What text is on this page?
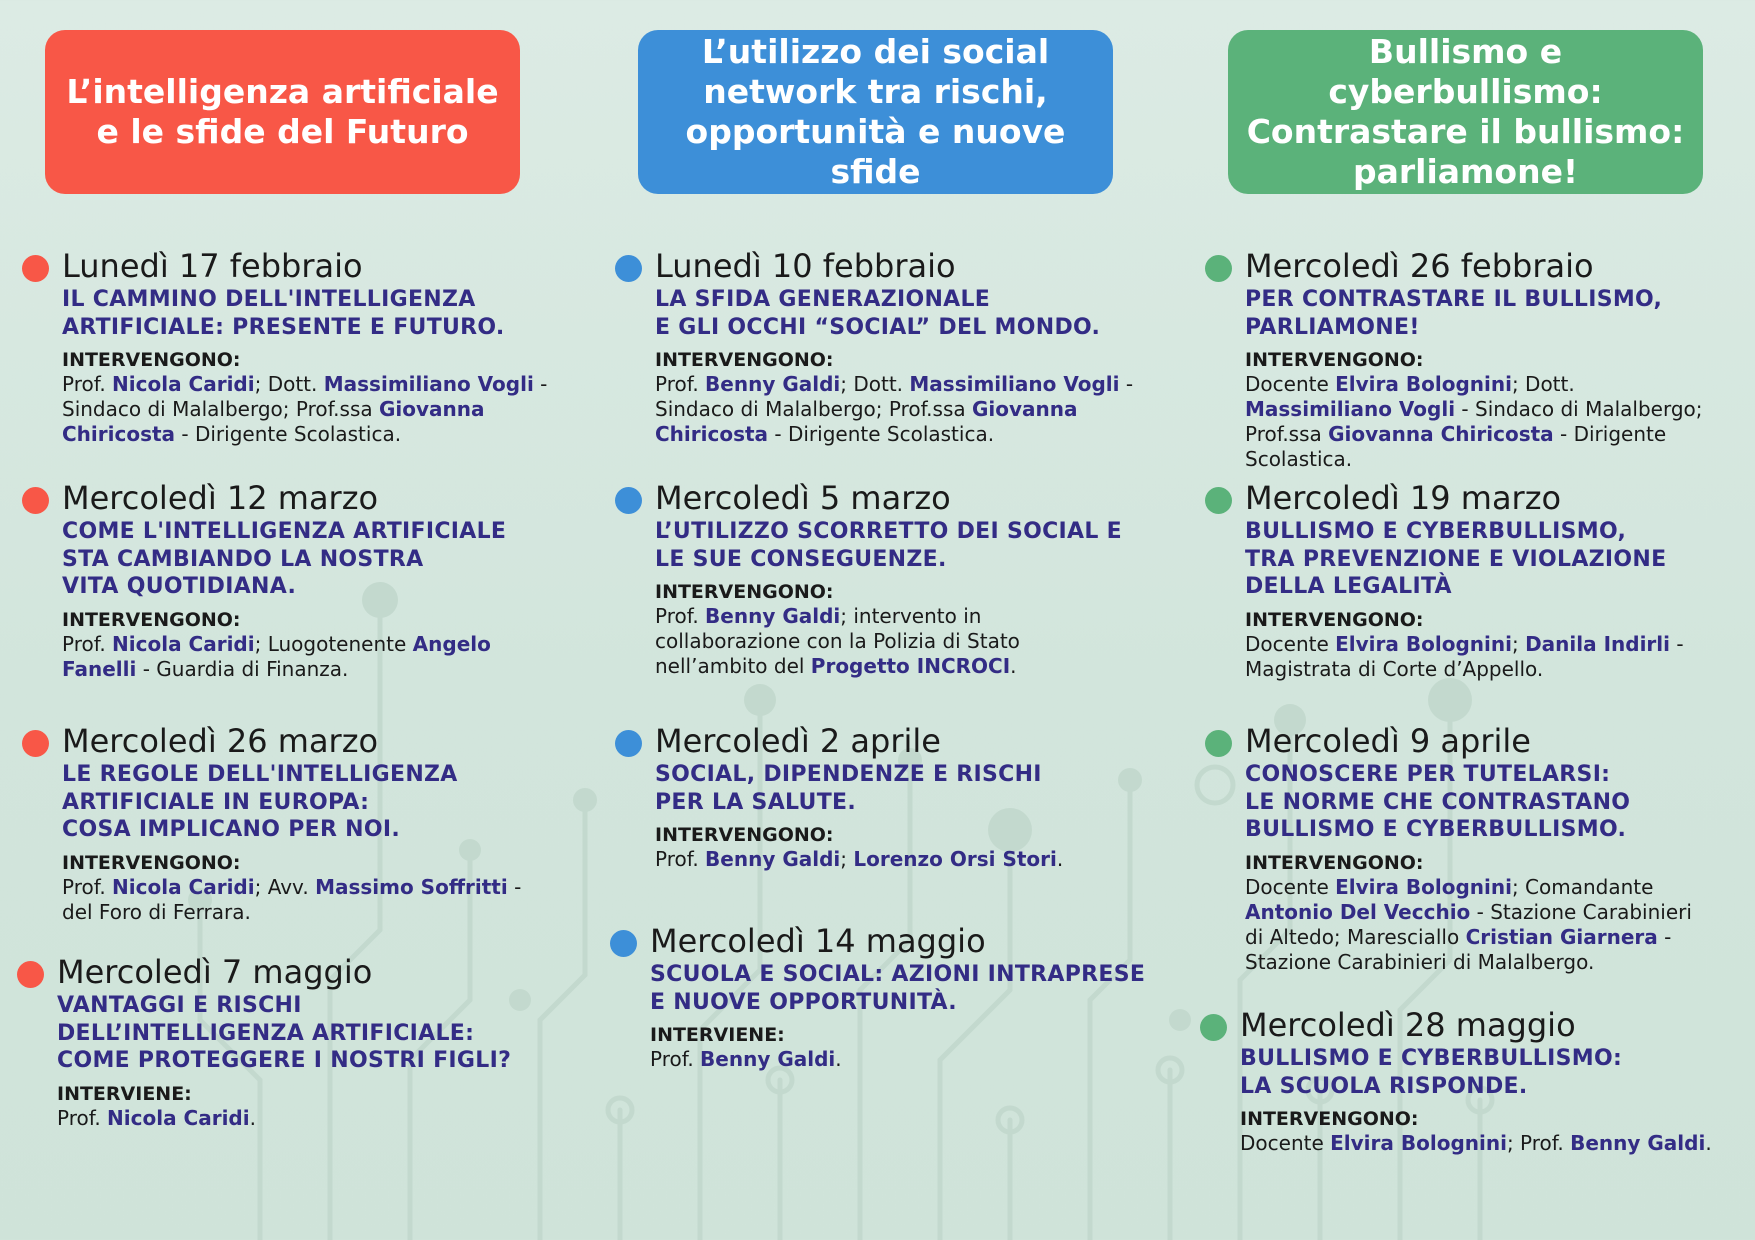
L’intelligenza artificiale
e le sfide del Futuro
Lunedì 17 febbraio
IL CAMMINO DELL'INTELLIGENZA
ARTIFICIALE: PRESENTE E FUTURO.
INTERVENGONO:
Prof. Nicola Caridi; Dott. Massimiliano Vogli - Sindaco di Malalbergo; Prof.ssa Giovanna Chiricosta - Dirigente Scolastica.
Mercoledì 12 marzo
COME L'INTELLIGENZA ARTIFICIALE
STA CAMBIANDO LA NOSTRA
VITA QUOTIDIANA.
INTERVENGONO:
Prof. Nicola Caridi; Luogotenente Angelo Fanelli - Guardia di Finanza.
Mercoledì 26 marzo
LE REGOLE DELL'INTELLIGENZA
ARTIFICIALE IN EUROPA:
COSA IMPLICANO PER NOI.
INTERVENGONO:
Prof. Nicola Caridi; Avv. Massimo Soffritti - del Foro di Ferrara.
Mercoledì 7 maggio
VANTAGGI E RISCHI
DELL’INTELLIGENZA ARTIFICIALE:
COME PROTEGGERE I NOSTRI FIGLI?
INTERVIENE:
Prof. Nicola Caridi.
L’utilizzo dei social
network tra rischi,
opportunità e nuove sfide
Lunedì 10 febbraio
LA SFIDA GENERAZIONALE
E GLI OCCHI “SOCIAL” DEL MONDO.
INTERVENGONO:
Prof. Benny Galdi; Dott. Massimiliano Vogli - Sindaco di Malalbergo; Prof.ssa Giovanna Chiricosta - Dirigente Scolastica.
Mercoledì 5 marzo
L’UTILIZZO SCORRETTO DEI SOCIAL E
LE SUE CONSEGUENZE.
INTERVENGONO:
Prof. Benny Galdi; intervento in collaborazione con la Polizia di Stato nell’ambito del Progetto INCROCI.
Mercoledì 2 aprile
SOCIAL, DIPENDENZE E RISCHI
PER LA SALUTE.
INTERVENGONO:
Prof. Benny Galdi; Lorenzo Orsi Stori.
Mercoledì 14 maggio
SCUOLA E SOCIAL: AZIONI INTRAPRESE
E NUOVE OPPORTUNITÀ.
INTERVIENE:
Prof. Benny Galdi.
Bullismo e cyberbullismo:
Contrastare il bullismo:
parliamone!
Mercoledì 26 febbraio
PER CONTRASTARE IL BULLISMO,
PARLIAMONE!
INTERVENGONO:
Docente Elvira Bolognini; Dott. Massimiliano Vogli - Sindaco di Malalbergo; Prof.ssa Giovanna Chiricosta - Dirigente Scolastica.
Mercoledì 19 marzo
BULLISMO E CYBERBULLISMO,
TRA PREVENZIONE E VIOLAZIONE
DELLA LEGALITÀ
INTERVENGONO:
Docente Elvira Bolognini; Danila Indirli - Magistrata di Corte d’Appello.
Mercoledì 9 aprile
CONOSCERE PER TUTELARSI:
LE NORME CHE CONTRASTANO
BULLISMO E CYBERBULLISMO.
INTERVENGONO:
Docente Elvira Bolognini; Comandante Antonio Del Vecchio - Stazione Carabinieri di Altedo; Maresciallo Cristian Giarnera - Stazione Carabinieri di Malalbergo.
Mercoledì 28 maggio
BULLISMO E CYBERBULLISMO:
LA SCUOLA RISPONDE.
INTERVENGONO:
Docente Elvira Bolognini; Prof. Benny Galdi.
